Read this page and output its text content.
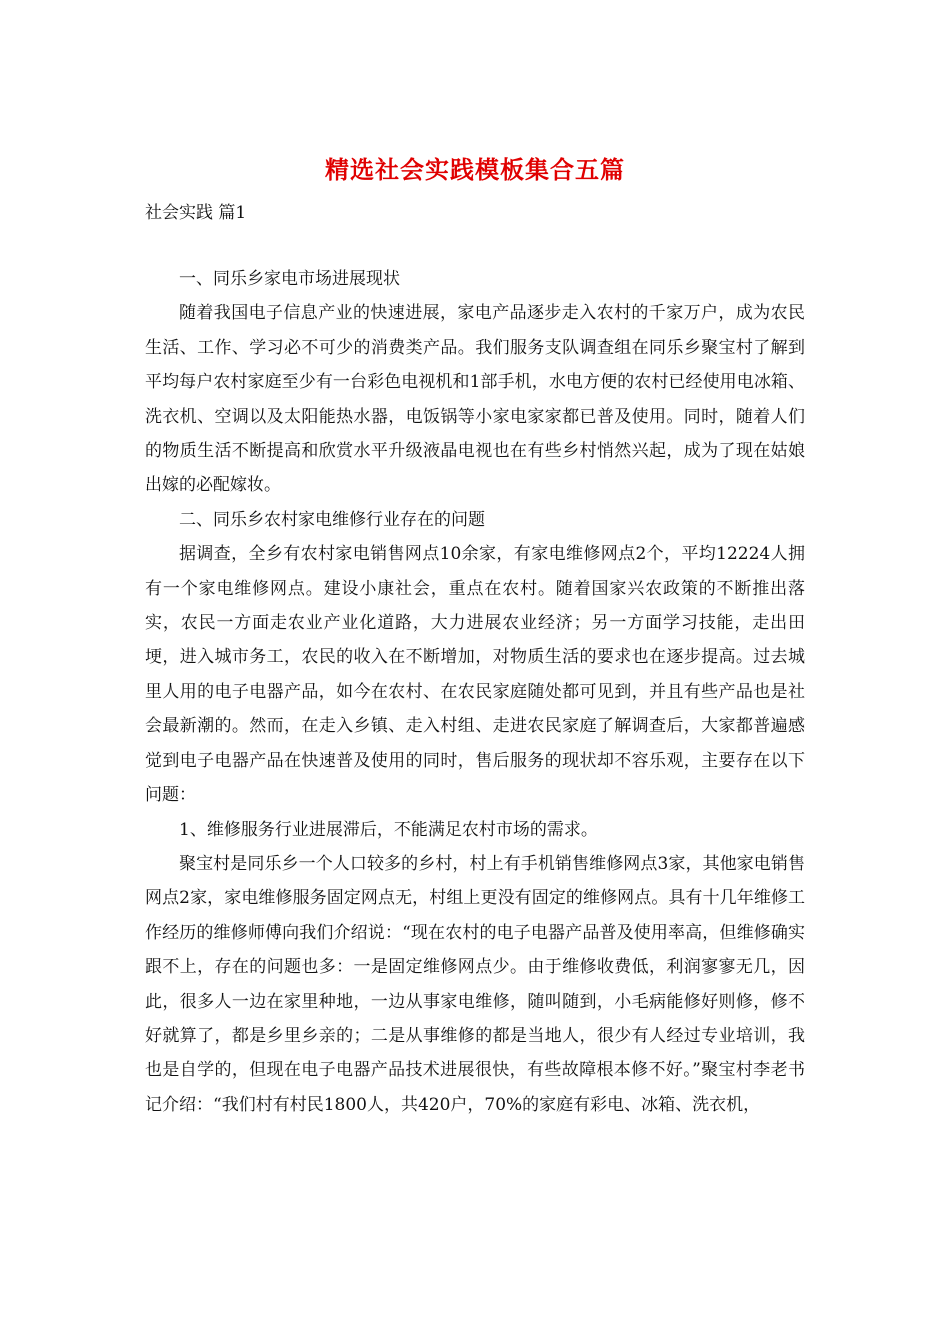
精选社会实践模板集合五篇
社会实践 篇1

一、同乐乡家电市场进展现状

随着我国电子信息产业的快速进展，家电产品逐步走入农村的千家万户，成为农民生活、工作、学习必不可少的消费类产品。我们服务支队调查组在同乐乡聚宝村了解到平均每户农村家庭至少有一台彩色电视机和1部手机，水电方便的农村已经使用电冰箱、洗衣机、空调以及太阳能热水器，电饭锅等小家电家家都已普及使用。同时，随着人们的物质生活不断提高和欣赏水平升级液晶电视也在有些乡村悄然兴起，成为了现在姑娘出嫁的必配嫁妆。

二、同乐乡农村家电维修行业存在的问题

据调查，全乡有农村家电销售网点10余家，有家电维修网点2个，平均12224人拥有一个家电维修网点。建设小康社会，重点在农村。随着国家兴农政策的不断推出落实，农民一方面走农业产业化道路，大力进展农业经济；另一方面学习技能，走出田埂，进入城市务工，农民的收入在不断增加，对物质生活的要求也在逐步提高。过去城里人用的电子电器产品，如今在农村、在农民家庭随处都可见到，并且有些产品也是社会最新潮的。然而，在走入乡镇、走入村组、走进农民家庭了解调查后，大家都普遍感觉到电子电器产品在快速普及使用的同时，售后服务的现状却不容乐观，主要存在以下问题：

1、维修服务行业进展滞后，不能满足农村市场的需求。

聚宝村是同乐乡一个人口较多的乡村，村上有手机销售维修网点3家，其他家电销售网点2家，家电维修服务固定网点无，村组上更没有固定的维修网点。具有十几年维修工作经历的维修师傅向我们介绍说：“现在农村的电子电器产品普及使用率高，但维修确实跟不上，存在的问题也多：一是固定维修网点少。由于维修收费低，利润寥寥无几，因此，很多人一边在家里种地，一边从事家电维修，随叫随到，小毛病能修好则修，修不好就算了，都是乡里乡亲的；二是从事维修的都是当地人，很少有人经过专业培训，我也是自学的，但现在电子电器产品技术进展很快，有些故障根本修不好。”聚宝村李老书记介绍：“我们村有村民1800人，共420户，70%的家庭有彩电、冰箱、洗衣机，
